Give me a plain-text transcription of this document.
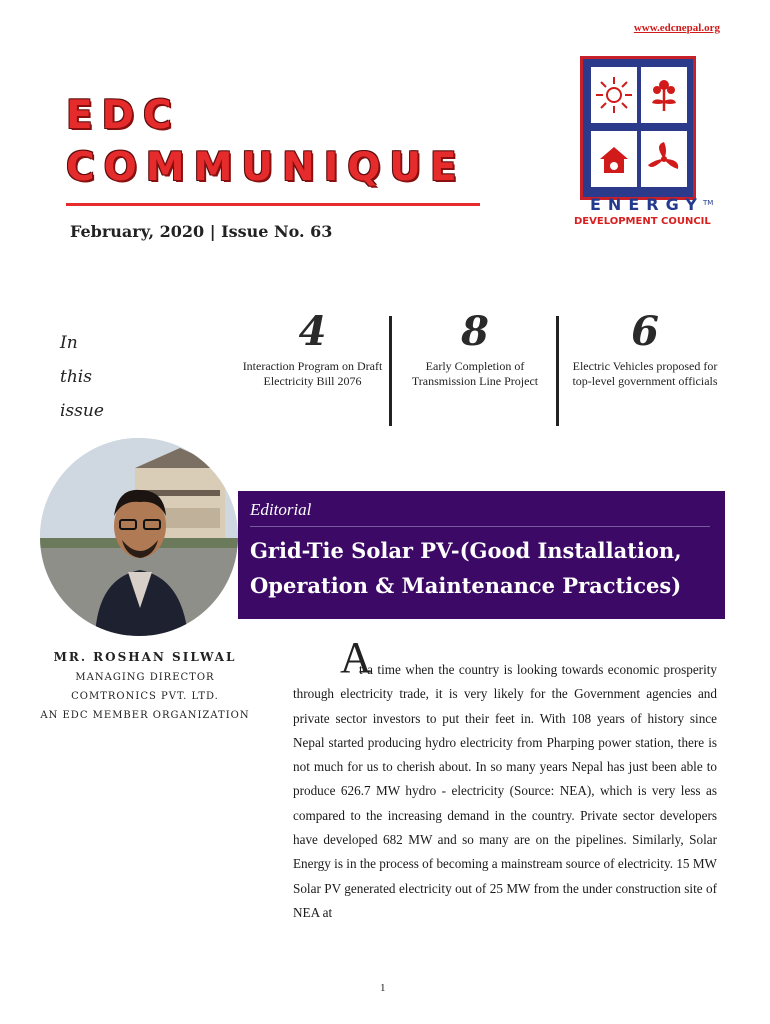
www.edcnepal.org
EDC
COMMUNIQUE
February, 2020 | Issue No. 63
ENERGY TM
DEVELOPMENT COUNCIL
In
this
issue
4
Interaction Program on Draft Electricity Bill 2076
8
Early Completion of Transmission Line Project
6
Electric Vehicles proposed for top-level government officials
Editorial
Grid-Tie Solar PV-(Good Installation,
Operation & Maintenance Practices)
MR. ROSHAN SILWAL
MANAGING DIRECTOR
COMTRONICS PVT. LTD.
AN EDC MEMBER ORGANIZATION
A
t a time when the country is looking towards economic prosperity through electricity trade, it is very likely for the Government agencies and private sector investors to put their feet in. With 108 years of history since Nepal started producing hydro electricity from Pharping power station, there is not much for us to cherish about. In so many years Nepal has just been able to produce 626.7 MW hydro - electricity (Source: NEA), which is very less as compared to the increasing demand in the country. Private sector developers have developed 682 MW and so many are on the pipelines. Similarly, Solar Energy is in the process of becoming a mainstream source of electricity. 15 MW Solar PV generated electricity out of 25 MW from the under construction site of NEA at
1
